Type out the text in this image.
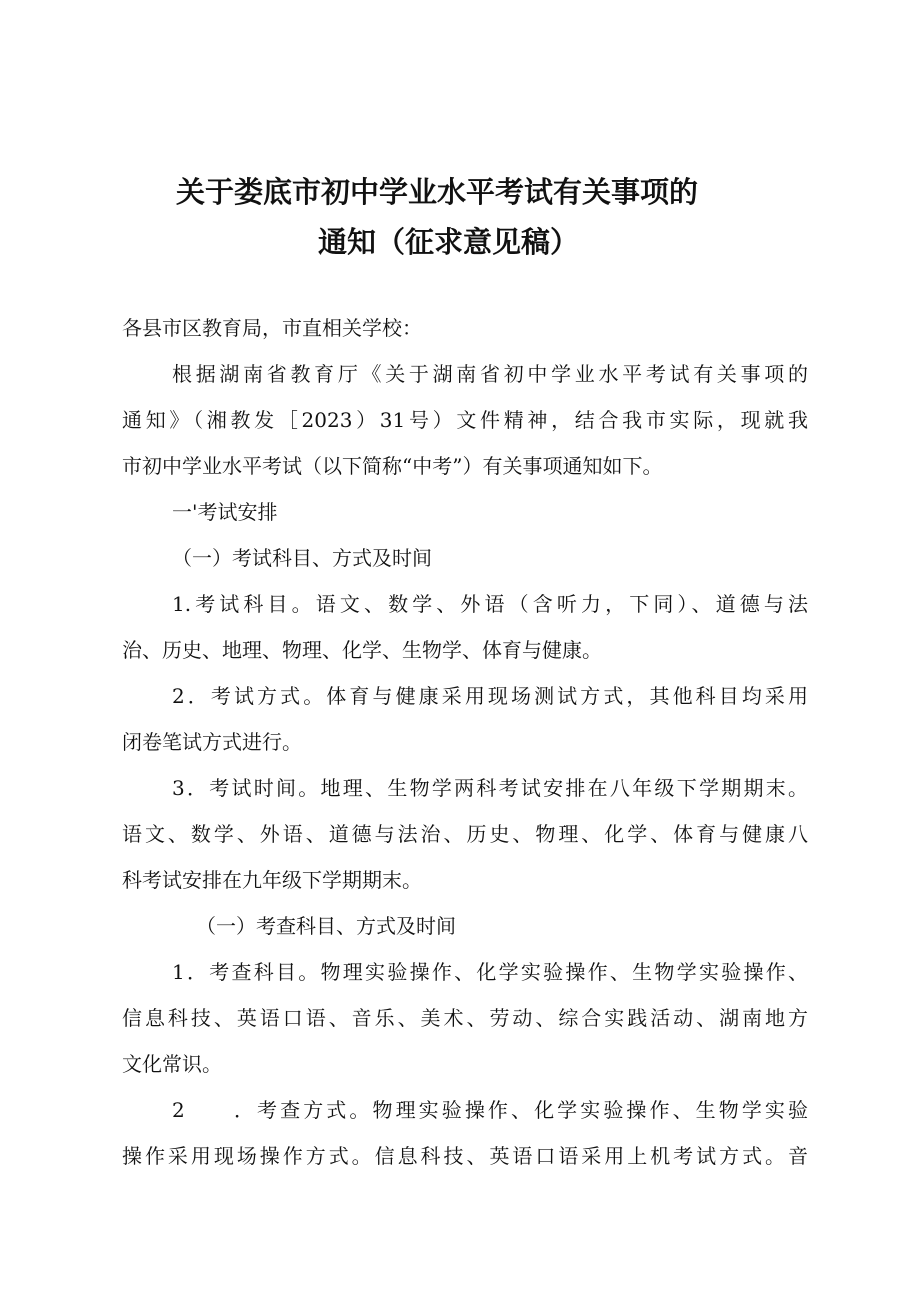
关于娄底市初中学业水平考试有关事项的
通知（征求意见稿）
各县市区教育局，市直相关学校：
根据湖南省教育厅《关于湖南省初中学业水平考试有关事项的
通知》（湘教发［2023）31号）文件精神，结合我市实际，现就我
市初中学业水平考试（以下简称“中考”）有关事项通知如下。
一'考试安排
（一）考试科目、方式及时间
1.考试科目。语文、数学、外语（含听力，下同）、道德与法
治、历史、地理、物理、化学、生物学、体育与健康。
2．考试方式。体育与健康采用现场测试方式，其他科目均采用
闭卷笔试方式进行。
3．考试时间。地理、生物学两科考试安排在八年级下学期期末。
语文、数学、外语、道德与法治、历史、物理、化学、体育与健康八
科考试安排在九年级下学期期末。
（一）考查科目、方式及时间
1．考查科目。物理实验操作、化学实验操作、生物学实验操作、
信息科技、英语口语、音乐、美术、劳动、综合实践活动、湖南地方
文化常识。
2　　．考查方式。物理实验操作、化学实验操作、生物学实验
操作采用现场操作方式。信息科技、英语口语采用上机考试方式。音
